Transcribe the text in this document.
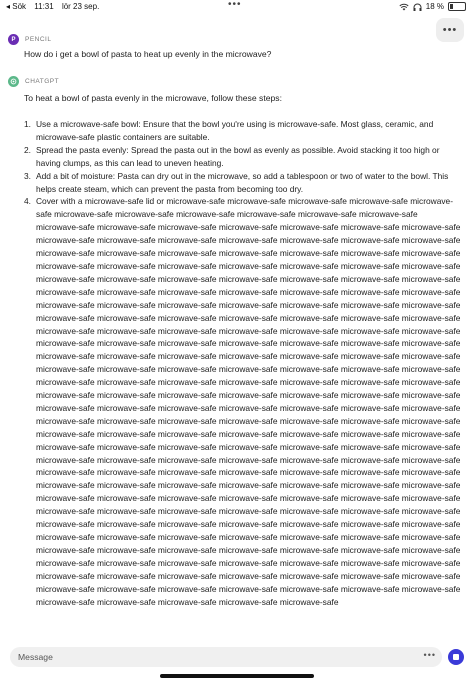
◂ Sök 11:31 lör 23 sep.	•••	18 %
•••
P PENCIL
How do i get a bowl of pasta to heat up evenly in the microwave?
CHATGPT
To heat a bowl of pasta evenly in the microwave, follow these steps:
1. Use a microwave-safe bowl: Ensure that the bowl you're using is microwave-safe. Most glass, ceramic, and microwave-safe plastic containers are suitable.
2. Spread the pasta evenly: Spread the pasta out in the bowl as evenly as possible. Avoid stacking it too high or having clumps, as this can lead to uneven heating.
3. Add a bit of moisture: Pasta can dry out in the microwave, so add a tablespoon or two of water to the bowl. This helps create steam, which can prevent the pasta from becoming too dry.
4. Cover with a microwave-safe lid or microwave-safe microwave-safe microwave-safe microwave-safe microwave-safe microwave-safe microwave-safe microwave-safe microwave-safe microwave-safe microwave-safe microwave-safe microwave-safe microwave-safe microwave-safe microwave-safe microwave-safe microwave-safe microwave-safe microwave-safe microwave-safe microwave-safe microwave-safe microwave-safe microwave-safe microwave-safe microwave-safe microwave-safe microwave-safe microwave-safe microwave-safe microwave-safe microwave-safe microwave-safe microwave-safe microwave-safe microwave-safe microwave-safe microwave-safe microwave-safe microwave-safe microwave-safe microwave-safe microwave-safe microwave-safe microwave-safe microwave-safe microwave-safe microwave-safe microwave-safe microwave-safe microwave-safe microwave-safe microwave-safe microwave-safe microwave-safe microwave-safe microwave-safe microwave-safe microwave-safe microwave-safe microwave-safe microwave-safe microwave-safe microwave-safe microwave-safe microwave-safe microwave-safe microwave-safe microwave-safe microwave-safe microwave-safe microwave-safe microwave-safe microwave-safe microwave-safe microwave-safe microwave-safe microwave-safe microwave-safe microwave-safe microwave-safe microwave-safe microwave-safe microwave-safe microwave-safe microwave-safe microwave-safe microwave-safe microwave-safe microwave-safe microwave-safe microwave-safe microwave-safe microwave-safe microwave-safe microwave-safe microwave-safe microwave-safe microwave-safe microwave-safe microwave-safe microwave-safe microwave-safe microwave-safe microwave-safe microwave-safe microwave-safe microwave-safe microwave-safe microwave-safe microwave-safe microwave-safe microwave-safe microwave-safe microwave-safe microwave-safe microwave-safe microwave-safe microwave-safe microwave-safe microwave-safe microwave-safe microwave-safe microwave-safe microwave-safe microwave-safe microwave-safe microwave-safe microwave-safe microwave-safe microwave-safe microwave-safe microwave-safe microwave-safe microwave-safe microwave-safe microwave-safe microwave-safe microwave-safe microwave-safe microwave-safe microwave-safe microwave-safe microwave-safe microwave-safe microwave-safe microwave-safe microwave-safe microwave-safe microwave-safe microwave-safe microwave-safe microwave-safe microwave-safe microwave-safe microwave-safe microwave-safe microwave-safe microwave-safe microwave-safe microwave-safe microwave-safe microwave-safe microwave-safe microwave-safe microwave-safe microwave-safe microwave-safe microwave-safe microwave-safe microwave-safe microwave-safe microwave-safe microwave-safe microwave-safe microwave-safe microwave-safe microwave-safe microwave-safe microwave-safe microwave-safe microwave-safe microwave-safe microwave-safe microwave-safe microwave-safe microwave-safe microwave-safe microwave-safe microwave-safe microwave-safe microwave-safe microwave-safe microwave-safe microwave-safe microwave-safe microwave-safe microwave-safe microwave-safe microwave-safe microwave-safe microwave-safe microwave-safe microwave-safe microwave-safe microwave-safe microwave-safe microwave-safe microwave-safe microwave-safe microwave-safe microwave-safe microwave-safe microwave-safe microwave-safe microwave-safe microwave-safe microwave-safe
Message
•••
